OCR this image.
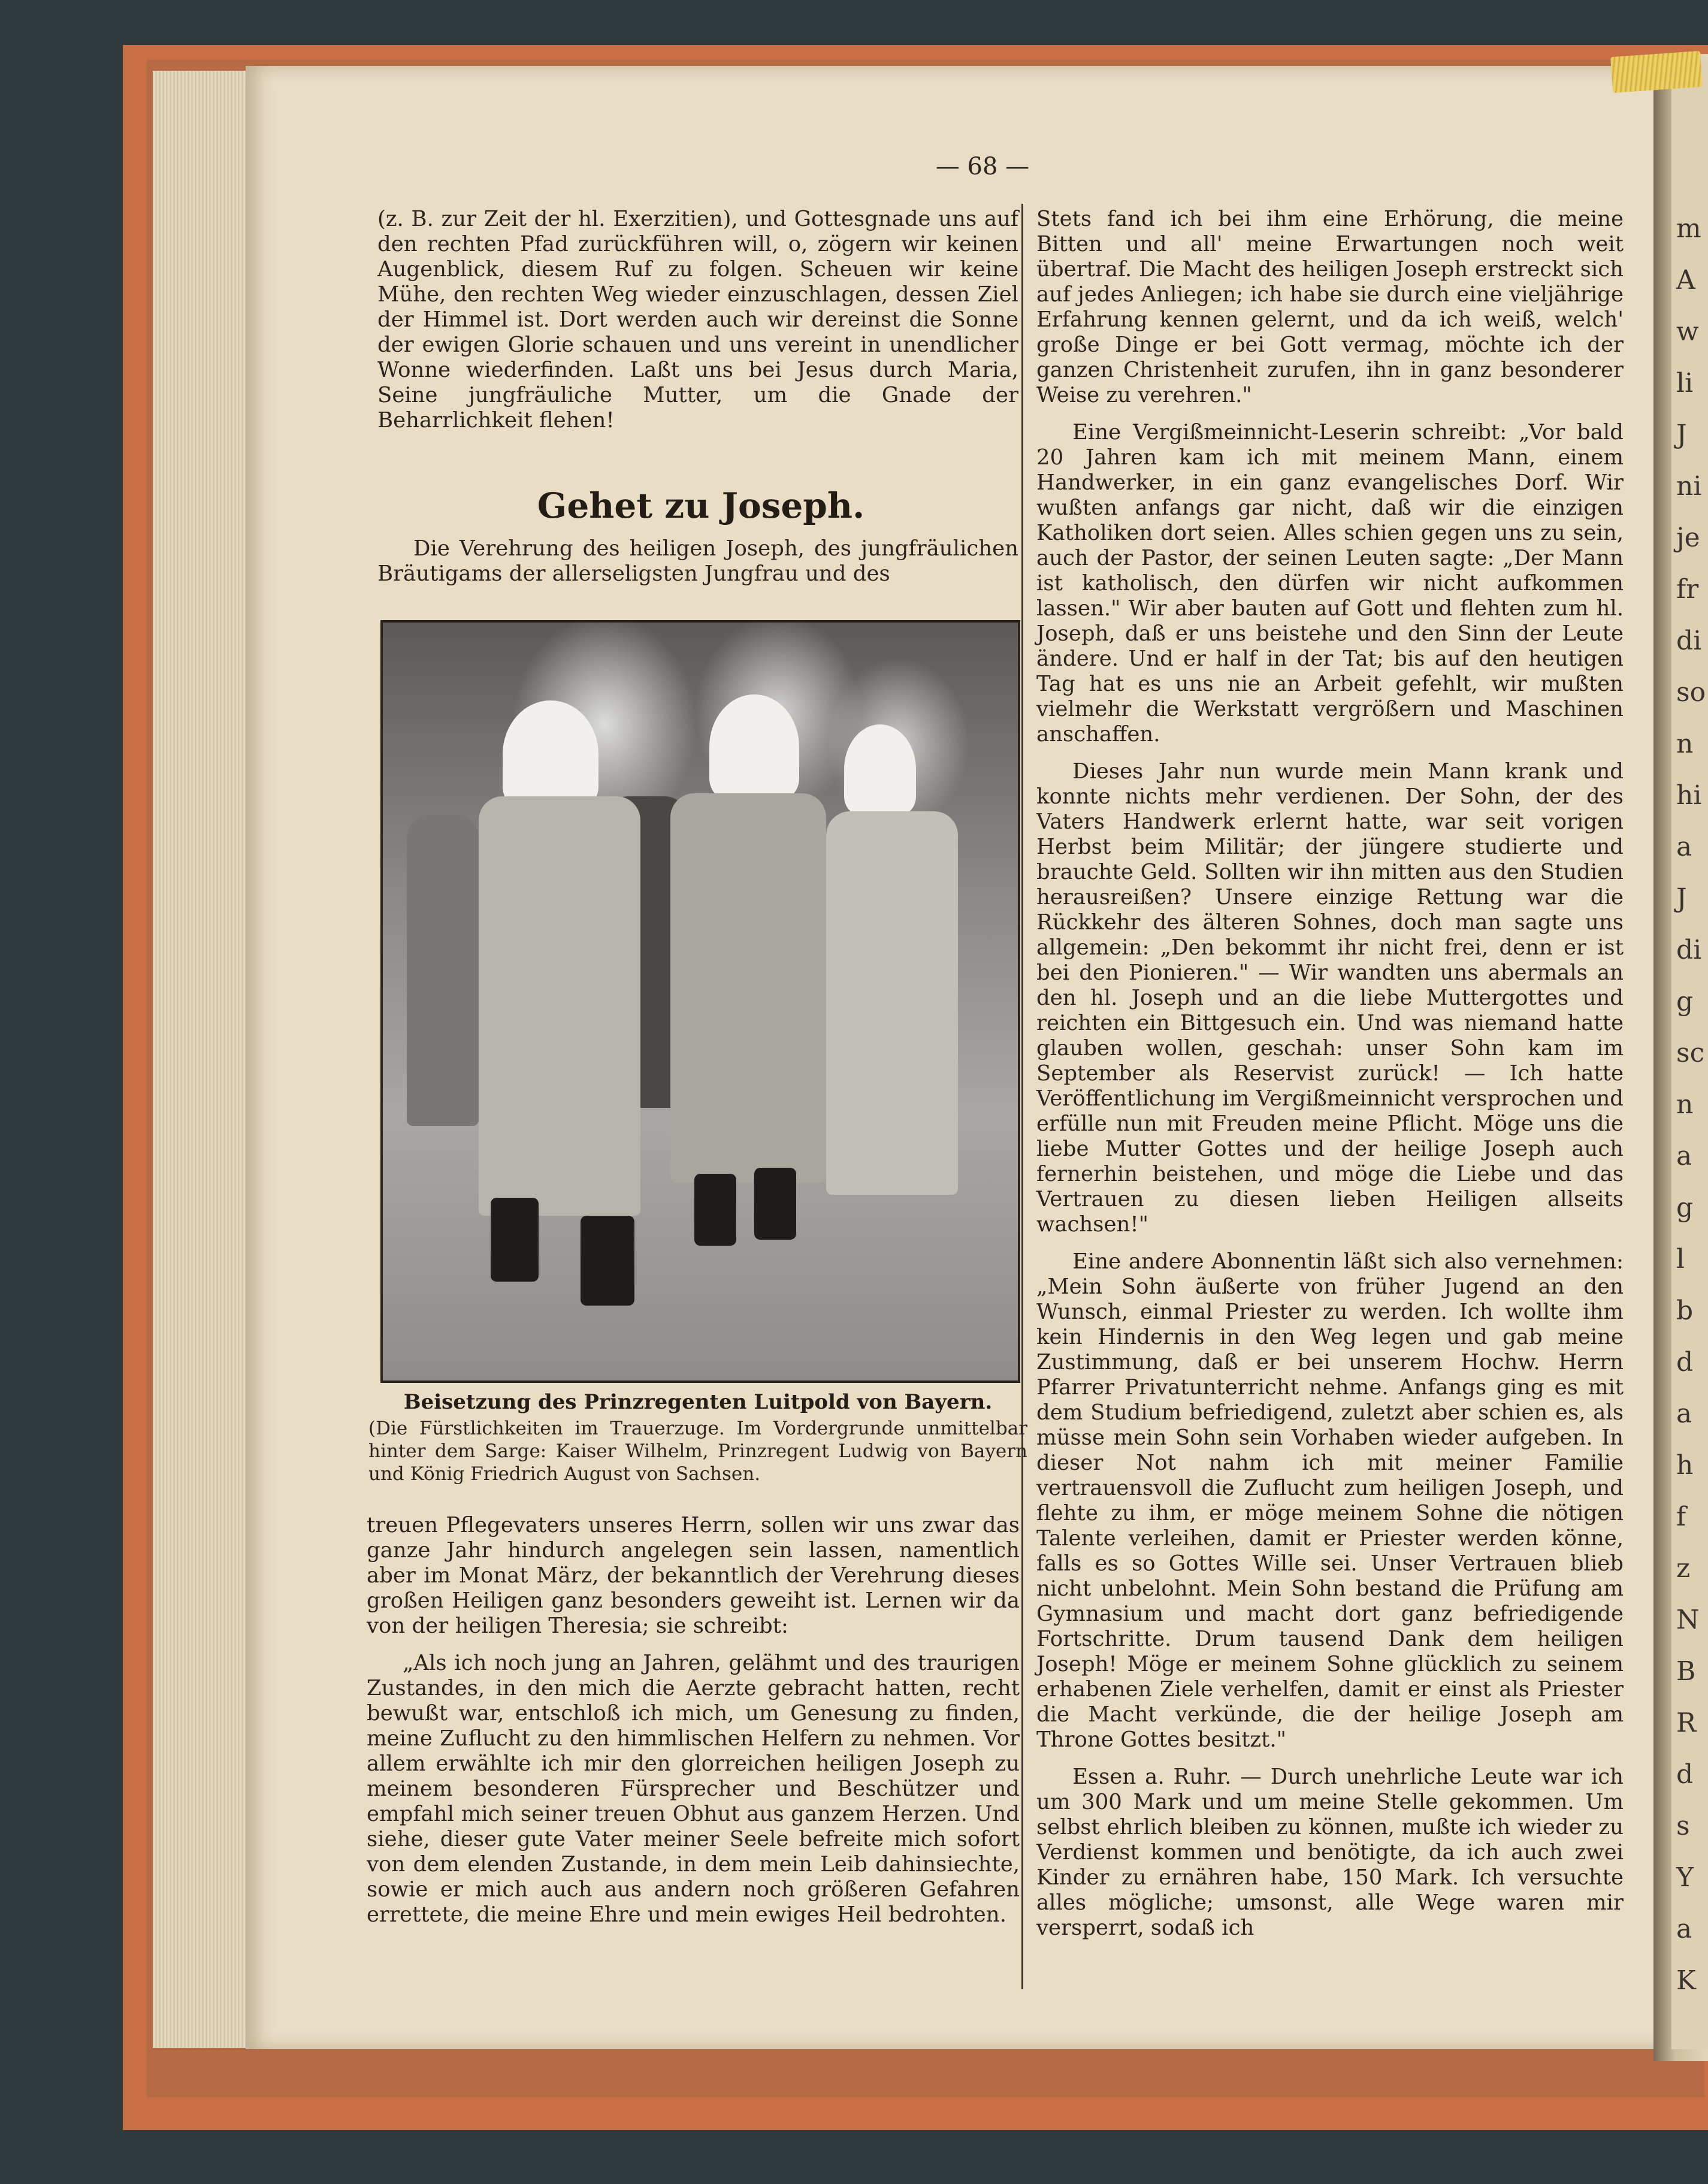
m
A
w
li
J
ni
je
fr
di
so
n
hi
a
J
di
g
sc
n
a
g
l
b
d
a
h
f
z
N
B
R
d
s
Y
a
K
— 68 —

(z. B. zur Zeit der hl. Exerzitien), und Gottesgnade uns auf den rechten Pfad zurückführen will, o, zögern wir keinen Augenblick, diesem Ruf zu folgen. Scheuen wir keine Mühe, den rechten Weg wieder einzuschlagen, dessen Ziel der Himmel ist. Dort werden auch wir dereinst die Sonne der ewigen Glorie schauen und uns vereint in unendlicher Wonne wiederfinden. Laßt uns bei Jesus durch Maria, Seine jungfräuliche Mutter, um die Gnade der Beharrlichkeit flehen!

Gehet zu Joseph.

Die Verehrung des heiligen Joseph, des jungfräulichen Bräutigams der allerseligsten Jungfrau und des

Beisetzung des Prinzregenten Luitpold von Bayern.
(Die Fürstlichkeiten im Trauerzuge. Im Vordergrunde unmittelbar hinter dem Sarge: Kaiser Wilhelm, Prinzregent Ludwig von Bayern und König Friedrich August von Sachsen.

treuen Pflegevaters unseres Herrn, sollen wir uns zwar das ganze Jahr hindurch angelegen sein lassen, namentlich aber im Monat März, der bekanntlich der Verehrung dieses großen Heiligen ganz besonders geweiht ist. Lernen wir da von der heiligen Theresia; sie schreibt:

„Als ich noch jung an Jahren, gelähmt und des traurigen Zustandes, in den mich die Aerzte gebracht hatten, recht bewußt war, entschloß ich mich, um Genesung zu finden, meine Zuflucht zu den himmlischen Helfern zu nehmen. Vor allem erwählte ich mir den glorreichen heiligen Joseph zu meinem besonderen Fürsprecher und Beschützer und empfahl mich seiner treuen Obhut aus ganzem Herzen. Und siehe, dieser gute Vater meiner Seele befreite mich sofort von dem elenden Zustande, in dem mein Leib dahinsiechte, sowie er mich auch aus andern noch größeren Gefahren errettete, die meine Ehre und mein ewiges Heil bedrohten.

Stets fand ich bei ihm eine Erhörung, die meine Bitten und all' meine Erwartungen noch weit übertraf. Die Macht des heiligen Joseph erstreckt sich auf jedes Anliegen; ich habe sie durch eine vieljährige Erfahrung kennen gelernt, und da ich weiß, welch' große Dinge er bei Gott vermag, möchte ich der ganzen Christenheit zurufen, ihn in ganz besonderer Weise zu verehren."

Eine Vergißmeinnicht-Leserin schreibt: „Vor bald 20 Jahren kam ich mit meinem Mann, einem Handwerker, in ein ganz evangelisches Dorf. Wir wußten anfangs gar nicht, daß wir die einzigen Katholiken dort seien. Alles schien gegen uns zu sein, auch der Pastor, der seinen Leuten sagte: „Der Mann ist katholisch, den dürfen wir nicht aufkommen lassen." Wir aber bauten auf Gott und flehten zum hl. Joseph, daß er uns beistehe und den Sinn der Leute ändere. Und er half in der Tat; bis auf den heutigen Tag hat es uns nie an Arbeit gefehlt, wir mußten vielmehr die Werkstatt vergrößern und Maschinen anschaffen.

Dieses Jahr nun wurde mein Mann krank und konnte nichts mehr verdienen. Der Sohn, der des Vaters Handwerk erlernt hatte, war seit vorigen Herbst beim Militär; der jüngere studierte und brauchte Geld. Sollten wir ihn mitten aus den Studien herausreißen? Unsere einzige Rettung war die Rückkehr des älteren Sohnes, doch man sagte uns allgemein: „Den bekommt ihr nicht frei, denn er ist bei den Pionieren." — Wir wandten uns abermals an den hl. Joseph und an die liebe Muttergottes und reichten ein Bittgesuch ein. Und was niemand hatte glauben wollen, geschah: unser Sohn kam im September als Reservist zurück! — Ich hatte Veröffentlichung im Vergißmeinnicht versprochen und erfülle nun mit Freuden meine Pflicht. Möge uns die liebe Mutter Gottes und der heilige Joseph auch fernerhin beistehen, und möge die Liebe und das Vertrauen zu diesen lieben Heiligen allseits wachsen!"

Eine andere Abonnentin läßt sich also vernehmen: „Mein Sohn äußerte von früher Jugend an den Wunsch, einmal Priester zu werden. Ich wollte ihm kein Hindernis in den Weg legen und gab meine Zustimmung, daß er bei unserem Hochw. Herrn Pfarrer Privatunterricht nehme. Anfangs ging es mit dem Studium befriedigend, zuletzt aber schien es, als müsse mein Sohn sein Vorhaben wieder aufgeben. In dieser Not nahm ich mit meiner Familie vertrauensvoll die Zuflucht zum heiligen Joseph, und flehte zu ihm, er möge meinem Sohne die nötigen Talente verleihen, damit er Priester werden könne, falls es so Gottes Wille sei. Unser Vertrauen blieb nicht unbelohnt. Mein Sohn bestand die Prüfung am Gymnasium und macht dort ganz befriedigende Fortschritte. Drum tausend Dank dem heiligen Joseph! Möge er meinem Sohne glücklich zu seinem erhabenen Ziele verhelfen, damit er einst als Priester die Macht verkünde, die der heilige Joseph am Throne Gottes besitzt."

Essen a. Ruhr. — Durch unehrliche Leute war ich um 300 Mark und um meine Stelle gekommen. Um selbst ehrlich bleiben zu können, mußte ich wieder zu Verdienst kommen und benötigte, da ich auch zwei Kinder zu ernähren habe, 150 Mark. Ich versuchte alles mögliche; umsonst, alle Wege waren mir versperrt, sodaß ich
